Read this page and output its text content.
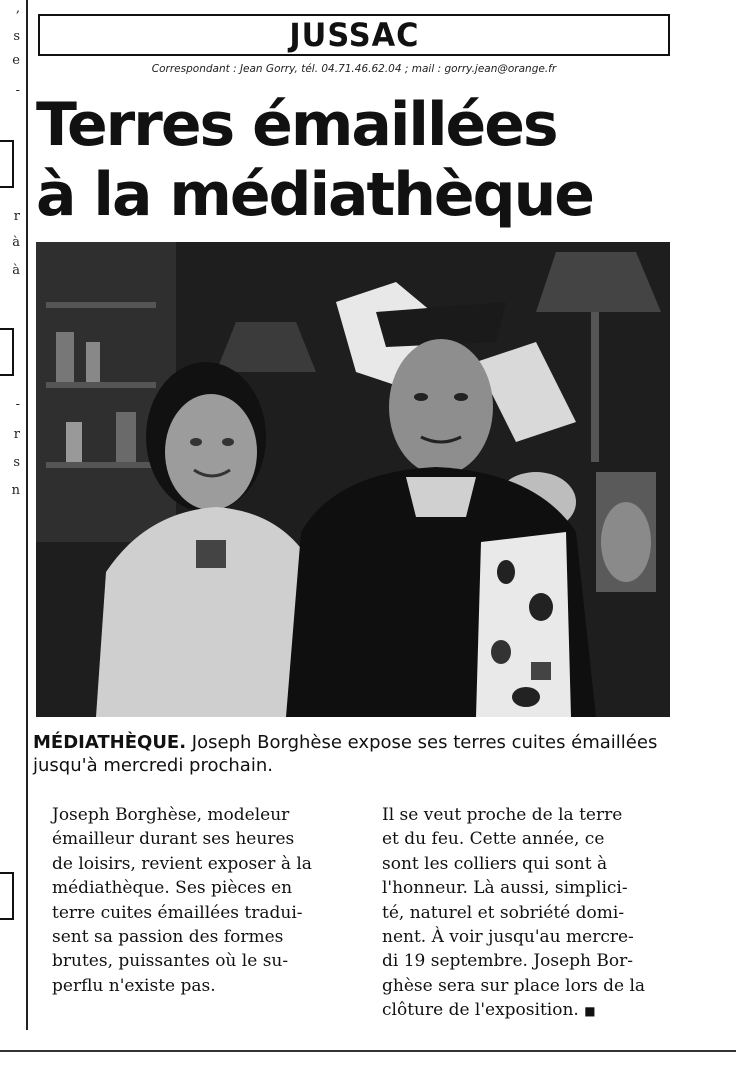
,
s
e
-
r
à
à
-
r
s
n
JUSSAC
Correspondant : Jean Gorry, tél. 04.71.46.62.04 ; mail : gorry.jean@orange.fr
Terres émaillées
à la médiathèque
MÉDIATHÈQUE. Joseph Borghèse expose ses terres cuites émaillées jusqu'à mercredi prochain.
Joseph Borghèse, modeleur
émailleur durant ses heures
de loisirs, revient exposer à la
médiathèque. Ses pièces en
terre cuites émaillées tradui-
sent sa passion des formes
brutes, puissantes où le su-
perflu n'existe pas.
Il se veut proche de la terre
et du feu. Cette année, ce
sont les colliers qui sont à
l'honneur. Là aussi, simplici-
té, naturel et sobriété domi-
nent. À voir jusqu'au mercre-
di 19 septembre. Joseph Bor-
ghèse sera sur place lors de la
clôture de l'exposition. ■
